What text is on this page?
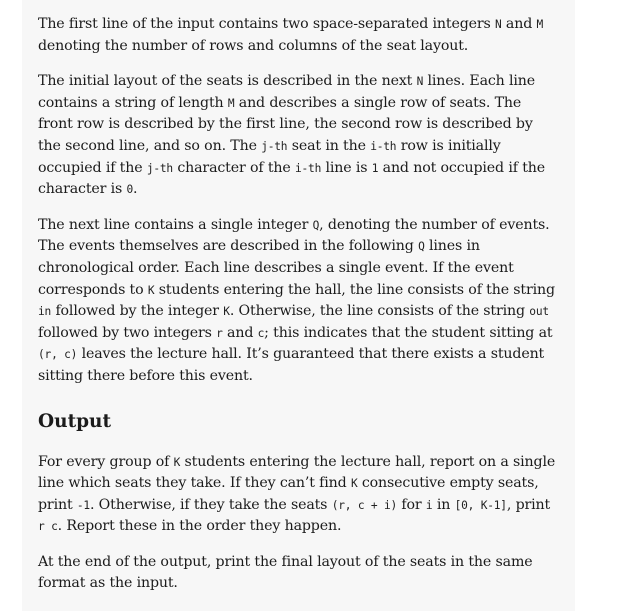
The first line of the input contains two space-separated integers N and M denoting the number of rows and columns of the seat layout.

The initial layout of the seats is described in the next N lines. Each line contains a string of length M and describes a single row of seats. The front row is described by the first line, the second row is described by the second line, and so on. The j-th seat in the i-th row is initially occupied if the j-th character of the i-th line is 1 and not occupied if the character is 0.

The next line contains a single integer Q, denoting the number of events. The events themselves are described in the following Q lines in chronological order. Each line describes a single event. If the event corresponds to K students entering the hall, the line consists of the string in followed by the integer K. Otherwise, the line consists of the string out followed by two integers r and c; this indicates that the student sitting at (r, c) leaves the lecture hall. It’s guaranteed that there exists a student sitting there before this event.

Output

For every group of K students entering the lecture hall, report on a single line which seats they take. If they can’t find K consecutive empty seats, print -1. Otherwise, if they take the seats (r, c + i) for i in [0, K-1], print r c. Report these in the order they happen.

At the end of the output, print the final layout of the seats in the same format as the input.
